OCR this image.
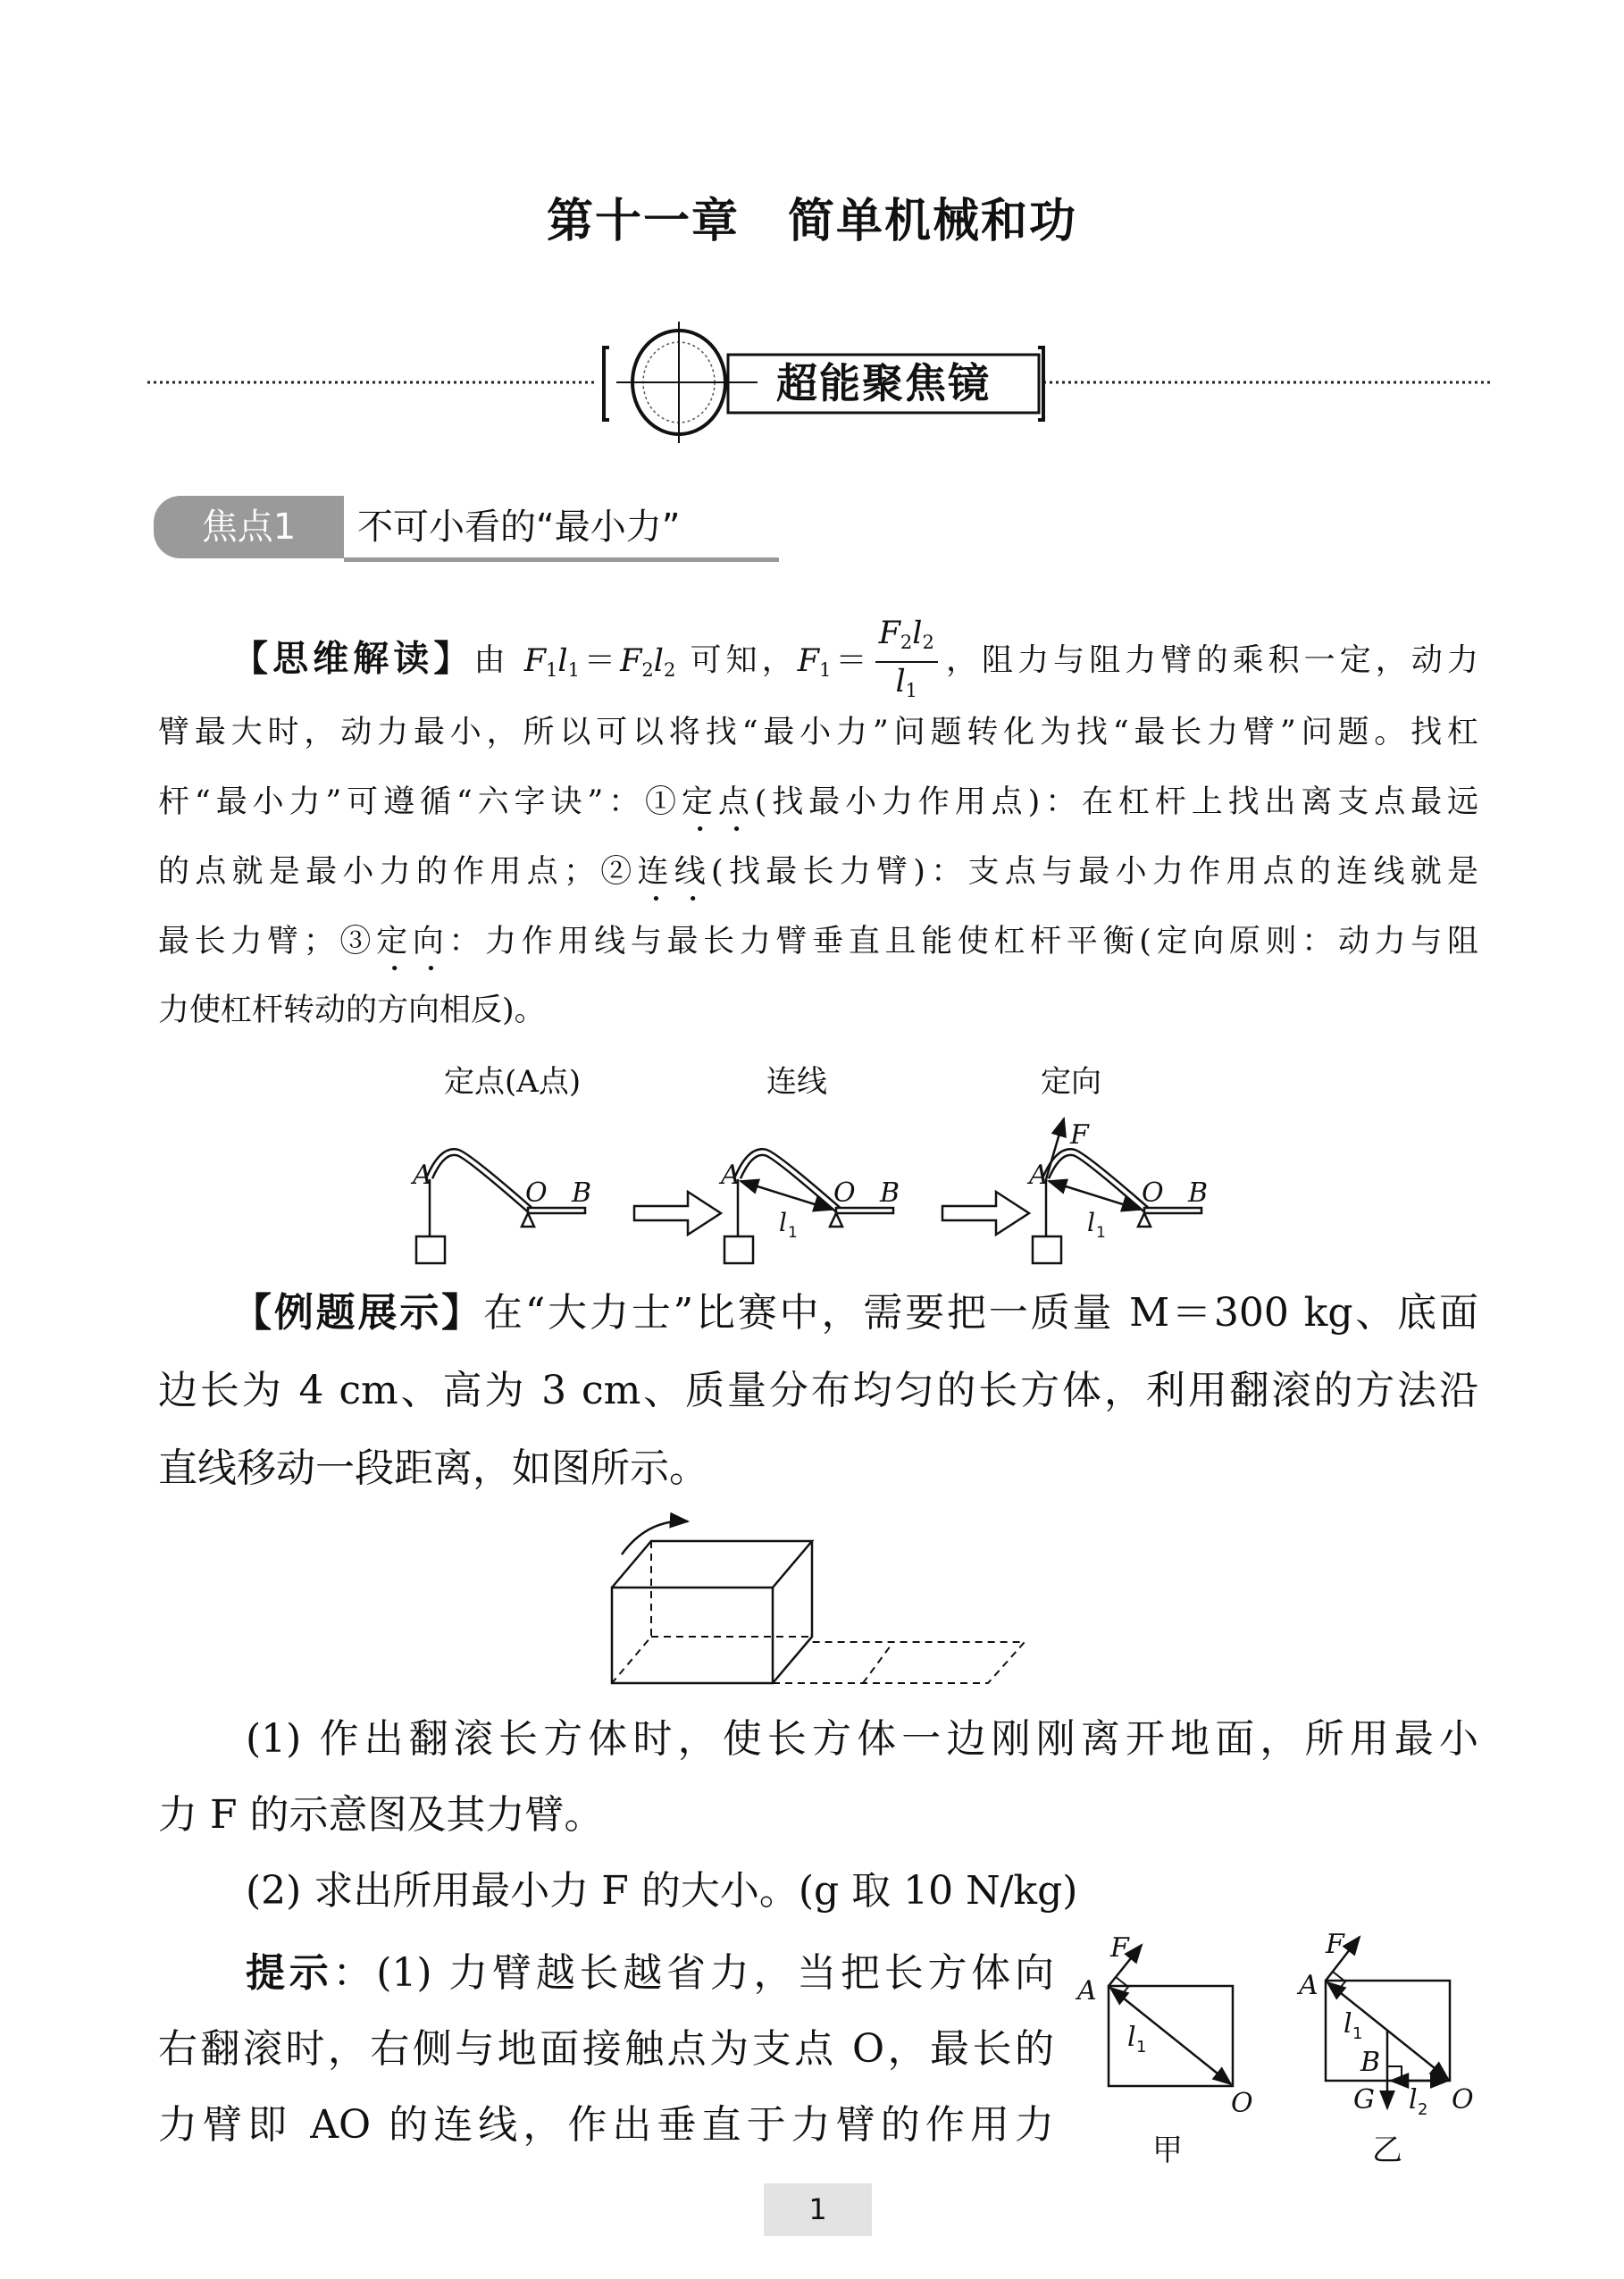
第十一章　简单机械和功
超能聚焦镜
焦点1	不可小看的“最小力”
【思维解读】由 $F_1l_1=F_2l_2$ 可知，$F_1= \frac{F_2l_2}{l_1}$ ，阻力与阻力臂的乘积一定，动力
臂最大时，动力最小，所以可以将找“最小力”问题转化为找“最长力臂”问题。找杠
杆“最小力”可遵循“六字诀”：①定点(找最小力作用点)：在杠杆上找出离支点最远
的点就是最小力的作用点；②连线(找最长力臂)：支点与最小力作用点的连线就是
最长力臂；③定向：力作用线与最长力臂垂直且能使杠杆平衡(定向原则：动力与阻
力使杠杆转动的方向相反)。
定点(A点)	连线	定向
A
O B
A
O B
l 1
A
O B
F
l 1
A
F
l 1
O
甲
A
F
l 1
B
G l 2 O
乙
【例题展示】在“大力士”比赛中，需要把一质量 M＝300 kg、底面
边长为 4 cm、高为 3 cm、质量分布均匀的长方体，利用翻滚的方法沿
直线移动一段距离，如图所示。
(1) 作出翻滚长方体时，使长方体一边刚刚离开地面，所用最小
力 F 的示意图及其力臂。
(2) 求出所用最小力 F 的大小。(g 取 10 N/kg)
提示：(1) 力臂越长越省力，当把长方体向
右翻滚时，右侧与地面接触点为支点 O，最长的
力臂即 AO 的连线，作出垂直于力臂的作用力
1
